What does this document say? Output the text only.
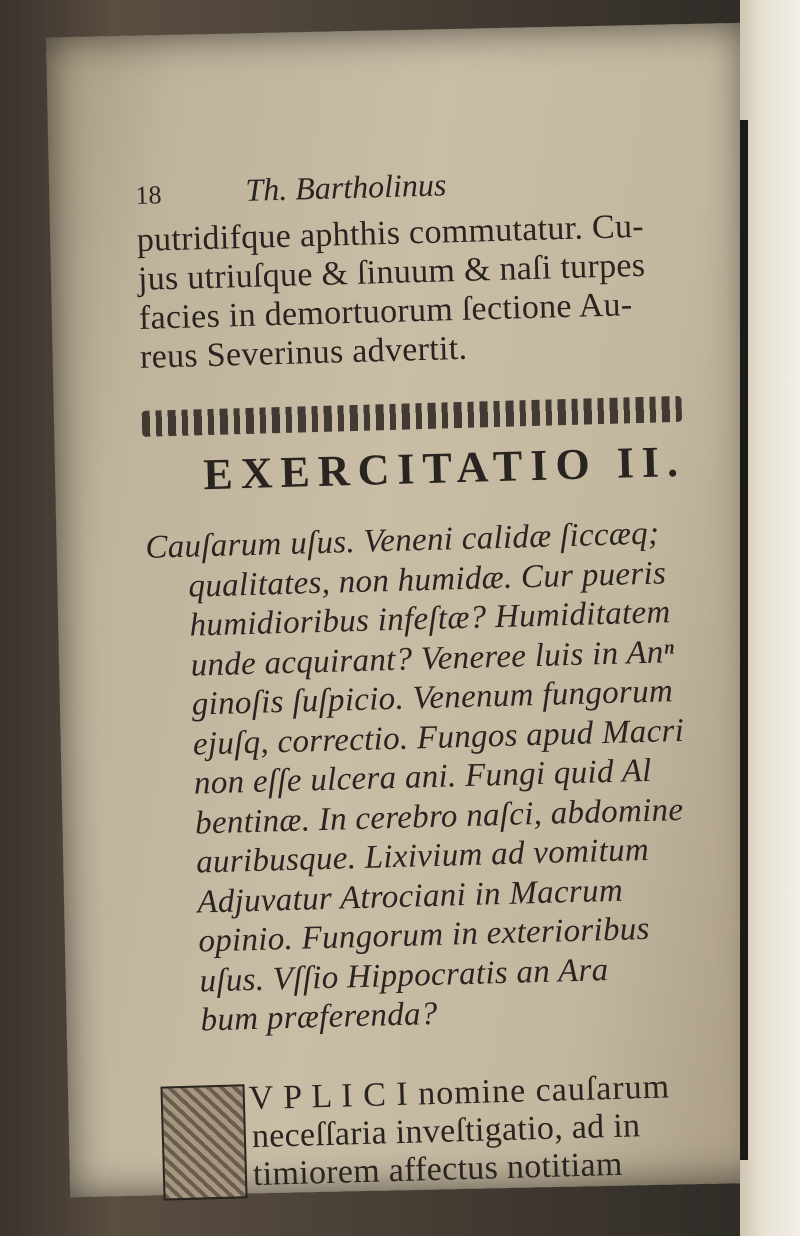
18	Th. Bartholinus
putridifque aphthis commutatur. Cu-
jus utriuſque & ſinuum & naſi turpes
facies in demortuorum ſectione Au-
reus Severinus advertit.
EXERCITATIO II.
Cauſarum uſus. Veneni calidæ ſiccæq;
qualitates, non humidæ. Cur pueris
humidioribus infeſtæ? Humiditatem
unde acquirant? Veneree luis in Anⁿ
ginoſis ſuſpicio. Venenum fungorum
ejuſq, correctio. Fungos apud Macri
non eſſe ulcera ani. Fungi quid Al
bentinæ. In cerebro naſci, abdomine
auribusque. Lixivium ad vomitum
Adjuvatur Atrociani in Macrum
opinio. Fungorum in exterioribus
uſus. Vſſio Hippocratis an Ara
bum præferenda?
V P L I C I nomine cauſarum
neceſſaria inveſtigatio, ad in
timiorem affectus notitiam
